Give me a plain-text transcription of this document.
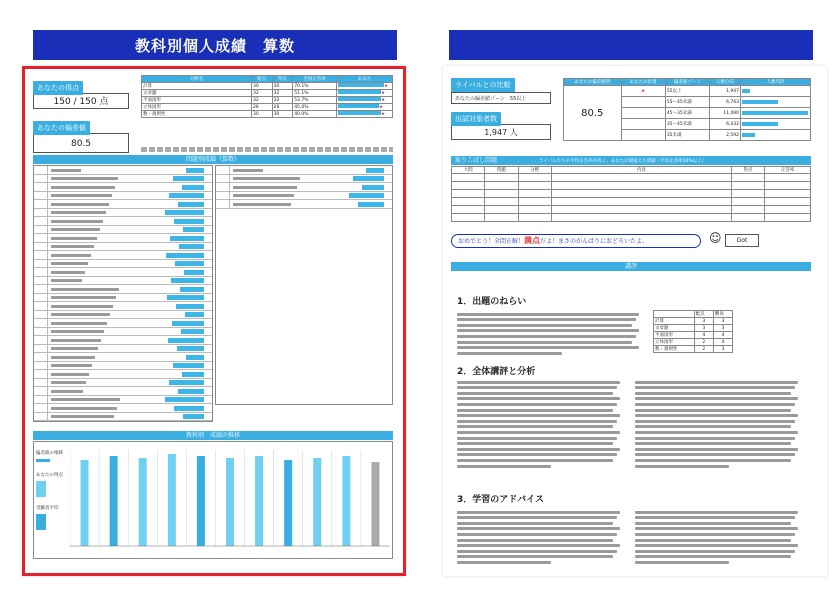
教科別個人成績　算数
あなたの得点
150 / 150 点
あなたの偏差値
80.5
分野名	配点	得点	全国正答率	あなた
計算	30	30	70.1%	★
文章題	32	32	51.1%	★
平面図形	32	32	53.7%	★
立体図形	26	26	45.0%	★
数・規則性	30	30	40.0%	★
問題別成績（算数）
教科別　成績の推移
偏差値の推移
あなたの得点
受験者平均
ライバルとの比較
あなたの偏差値ゾーン　55以上
出試対象者数
1,947 人
あなたの偏差値帯	あなたの位置	偏差値ゾーン	人数分布	人数内訳
80.5	★	55以上	1,947	

		55〜45未満	6,763	

		45〜35未満	11,490	

		35〜45未満	6,432	

		35未満	2,592	
取りこぼし問題	ライバルたちの平均正答率が高く、あなたが間違えた問題（平均正答率50%以上）
大問	問題	分野	内容	得点	正答率

おめでとう！全問正解！満点だよ！まさのがんばりにおどろいたよ。	☺	Got
講評
1．出題のねらい
	配点	難易
計算	3	3
文章題	3	3
平面図形	4	4
立体図形	2	4
数・規則性	2	3
2．全体講評と分析
3．学習のアドバイス
